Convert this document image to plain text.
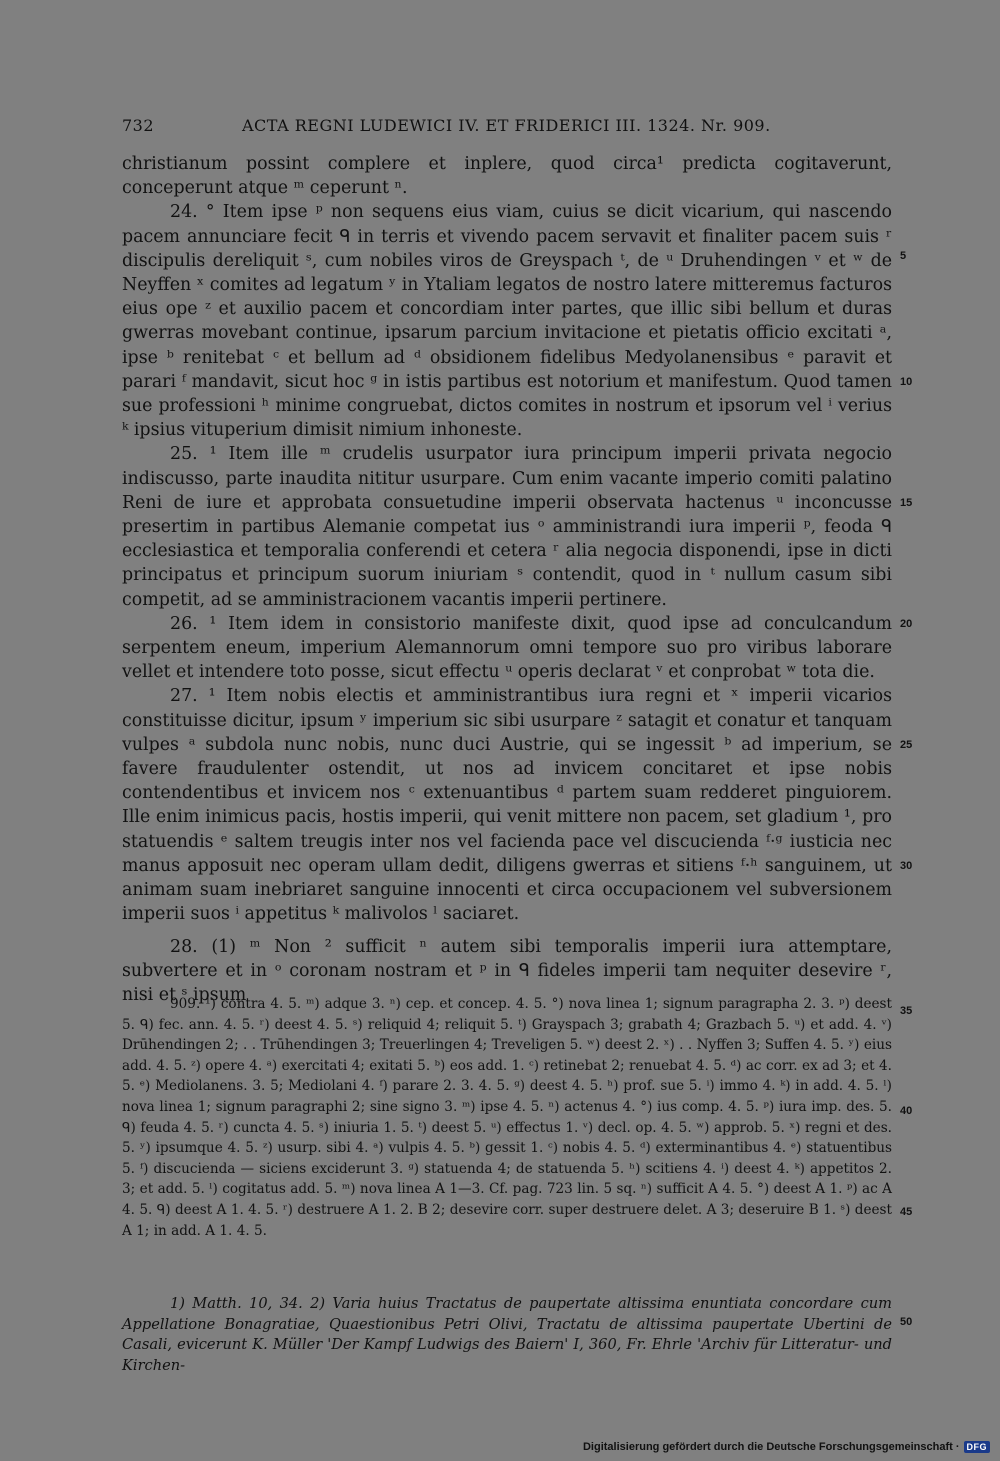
732	ACTA REGNI LUDEWICI IV. ET FRIDERICI III. 1324. Nr. 909.

christianum possint complere et inplere, quod circa¹ predicta cogitaverunt, conceperunt atque ᵐ ceperunt ⁿ.

24. ° Item ipse ᵖ non sequens eius viam, cuius se dicit vicarium, qui nascendo pacem annunciare fecit ᑫ in terris et vivendo pacem servavit et finaliter pacem suis ʳ discipulis dereliquit ˢ, cum nobiles viros de Greyspach ᵗ, de ᵘ Druhendingen ᵛ et ʷ de Neyffen ˣ comites ad legatum ʸ in Ytaliam legatos de nostro latere mitteremus facturos eius ope ᶻ et auxilio pacem et concordiam inter partes, que illic sibi bellum et duras gwerras movebant continue, ipsarum parcium invitacione et pietatis officio excitati ᵃ, ipse ᵇ renitebat ᶜ et bellum ad ᵈ obsidionem fidelibus Medyolanensibus ᵉ paravit et parari ᶠ mandavit, sicut hoc ᵍ in istis partibus est notorium et manifestum. Quod tamen sue professioni ʰ minime congruebat, dictos comites in nostrum et ipsorum vel ⁱ verius ᵏ ipsius vituperium dimisit nimium inhoneste.

25. ¹ Item ille ᵐ crudelis usurpator iura principum imperii privata negocio indiscusso, parte inaudita nititur usurpare. Cum enim vacante imperio comiti palatino Reni de iure et approbata consuetudine imperii observata hactenus ᵘ inconcusse presertim in partibus Alemanie competat ius ᵒ amministrandi iura imperii ᵖ, feoda ᑫ ecclesiastica et temporalia conferendi et cetera ʳ alia negocia disponendi, ipse in dicti principatus et principum suorum iniuriam ˢ contendit, quod in ᵗ nullum casum sibi competit, ad se amministracionem vacantis imperii pertinere.

26. ¹ Item idem in consistorio manifeste dixit, quod ipse ad conculcandum serpentem eneum, imperium Alemannorum omni tempore suo pro viribus laborare vellet et intendere toto posse, sicut effectu ᵘ operis declarat ᵛ et conprobat ʷ tota die.

27. ¹ Item nobis electis et amministrantibus iura regni et ˣ imperii vicarios constituisse dicitur, ipsum ʸ imperium sic sibi usurpare ᶻ satagit et conatur et tanquam vulpes ᵃ subdola nunc nobis, nunc duci Austrie, qui se ingessit ᵇ ad imperium, se favere fraudulenter ostendit, ut nos ad invicem concitaret et ipse nobis contendentibus et invicem nos ᶜ extenuantibus ᵈ partem suam redderet pinguiorem. Ille enim inimicus pacis, hostis imperii, qui venit mittere non pacem, set gladium ¹, pro statuendis ᵉ saltem treugis inter nos vel facienda pace vel discucienda ᶠ·ᵍ iusticia nec manus apposuit nec operam ullam dedit, diligens gwerras et sitiens ᶠ·ʰ sanguinem, ut animam suam inebriaret sanguine innocenti et circa occupacionem vel subversionem imperii suos ⁱ appetitus ᵏ malivolos ˡ saciaret.

28. (1) ᵐ Non ² sufficit ⁿ autem sibi temporalis imperii iura attemptare, subvertere et in ᵒ coronam nostram et ᵖ in ᑫ fideles imperii tam nequiter desevire ʳ, nisi et ˢ ipsum

909. ¹) contra 4. 5. ᵐ) adque 3. ⁿ) cep. et concep. 4. 5. °) nova linea 1; signum paragrapha 2. 3. ᵖ) deest 5. ᑫ) fec. ann. 4. 5. ʳ) deest 4. 5. ˢ) reliquid 4; reliquit 5. ᵗ) Grayspach 3; grabath 4; Grazbach 5. ᵘ) et add. 4. ᵛ) Drūhendingen 2; . . Trūhendingen 3; Treuerlingen 4; Treveligen 5. ʷ) deest 2. ˣ) . . Nyffen 3; Suffen 4. 5. ʸ) eius add. 4. 5. ᶻ) opere 4. ᵃ) exercitati 4; exitati 5. ᵇ) eos add. 1. ᶜ) retinebat 2; renuebat 4. 5. ᵈ) ac corr. ex ad 3; et 4. 5. ᵉ) Mediolanens. 3. 5; Mediolani 4. ᶠ) parare 2. 3. 4. 5. ᵍ) deest 4. 5. ʰ) prof. sue 5. ⁱ) immo 4. ᵏ) in add. 4. 5. ˡ) nova linea 1; signum paragraphi 2; sine signo 3. ᵐ) ipse 4. 5. ⁿ) actenus 4. °) ius comp. 4. 5. ᵖ) iura imp. des. 5. ᑫ) feuda 4. 5. ʳ) cuncta 4. 5. ˢ) iniuria 1. 5. ᵗ) deest 5. ᵘ) effectus 1. ᵛ) decl. op. 4. 5. ʷ) approb. 5. ˣ) regni et des. 5. ʸ) ipsumque 4. 5. ᶻ) usurp. sibi 4. ᵃ) vulpis 4. 5. ᵇ) gessit 1. ᶜ) nobis 4. 5. ᵈ) exterminantibus 4. ᵉ) statuentibus 5. ᶠ) discucienda — siciens exciderunt 3. ᵍ) statuenda 4; de statuenda 5. ʰ) scitiens 4. ⁱ) deest 4. ᵏ) appetitos 2. 3; et add. 5. ˡ) cogitatus add. 5. ᵐ) nova linea A 1—3. Cf. pag. 723 lin. 5 sq. ⁿ) sufficit A 4. 5. °) deest A 1. ᵖ) ac A 4. 5. ᑫ) deest A 1. 4. 5. ʳ) destruere A 1. 2. B 2; desevire corr. super destruere delet. A 3; deseruire B 1. ˢ) deest A 1; in add. A 1. 4. 5.

1) Matth. 10, 34. 2) Varia huius Tractatus de paupertate altissima enuntiata concordare cum Appellatione Bonagratiae, Quaestionibus Petri Olivi, Tractatu de altissima paupertate Ubertini de Casali, evicerunt K. Müller 'Der Kampf Ludwigs des Baiern' I, 360, Fr. Ehrle 'Archiv für Litteratur- und Kirchen-

5
10
15
20
25
30
35
40
45
50
Digitalisierung gefördert durch die Deutsche Forschungsgemeinschaft · DFG
